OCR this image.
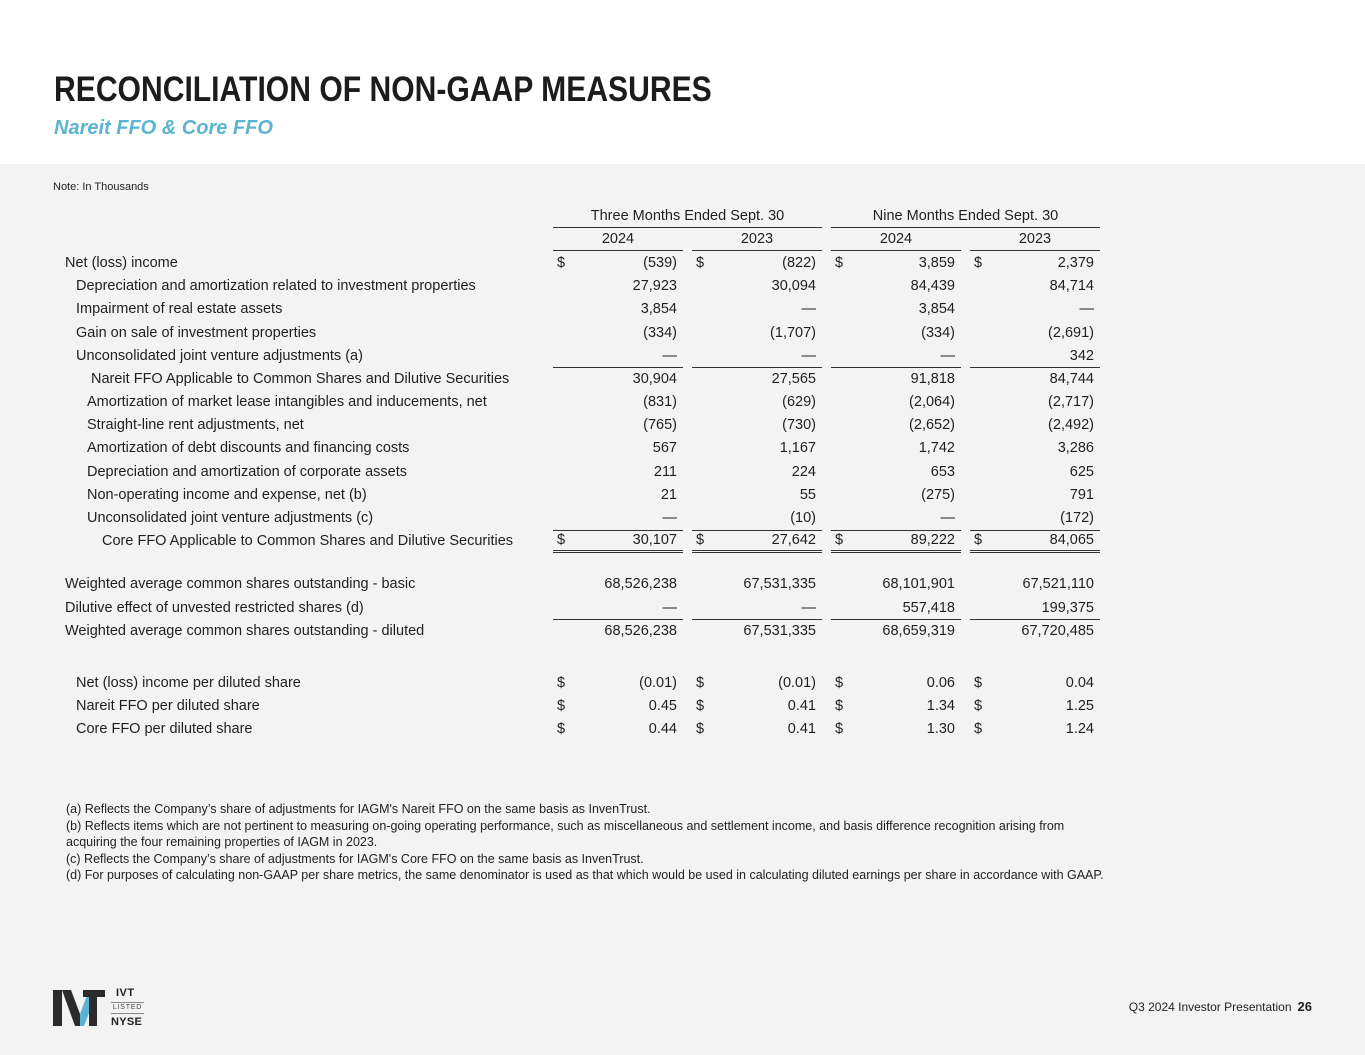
RECONCILIATION OF NON-GAAP MEASURES
Nareit FFO & Core FFO
Note: In Thousands
	Three Months Ended Sept. 30						Nine Months Ended Sept. 30				
	2024			2023			2024			2023	
Net (loss) income	$	(539)		$	(822)		$	3,859		$	2,379
Depreciation and amortization related to investment properties		27,923			30,094			84,439			84,714
Impairment of real estate assets		3,854			—			3,854			—
Gain on sale of investment properties		(334)			(1,707)			(334)			(2,691)
Unconsolidated joint venture adjustments (a)		—			—			—			342
Nareit FFO Applicable to Common Shares and Dilutive Securities		30,904			27,565			91,818			84,744
Amortization of market lease intangibles and inducements, net		(831)			(629)			(2,064)			(2,717)
Straight-line rent adjustments, net		(765)			(730)			(2,652)			(2,492)
Amortization of debt discounts and financing costs		567			1,167			1,742			3,286
Depreciation and amortization of corporate assets		211			224			653			625
Non-operating income and expense, net (b)		21			55			(275)			791
Unconsolidated joint venture adjustments (c)		—			(10)			—			(172)
Core FFO Applicable to Common Shares and Dilutive Securities	$	30,107		$	27,642		$	89,222		$	84,065

Weighted average common shares outstanding - basic		68,526,238			67,531,335			68,101,901			67,521,110
Dilutive effect of unvested restricted shares (d)		—			—			557,418			199,375
Weighted average common shares outstanding - diluted		68,526,238			67,531,335			68,659,319			67,720,485

Net (loss) income per diluted share	$	(0.01)		$	(0.01)		$	0.06		$	0.04
Nareit FFO per diluted share	$	0.45		$	0.41		$	1.34		$	1.25
Core FFO per diluted share	$	0.44		$	0.41		$	1.30		$	1.24

(a) Reflects the Company’s share of adjustments for IAGM's Nareit FFO on the same basis as InvenTrust.

(b) Reflects items which are not pertinent to measuring on-going operating performance, such as miscellaneous and settlement income, and basis difference recognition arising from acquiring the four remaining properties of IAGM in 2023.

(c) Reflects the Company’s share of adjustments for IAGM's Core FFO on the same basis as InvenTrust.

(d) For purposes of calculating non-GAAP per share metrics, the same denominator is used as that which would be used in calculating diluted earnings per share in accordance with GAAP.

IVT
LISTED
NYSE
Q3 2024 Investor Presentation 26
